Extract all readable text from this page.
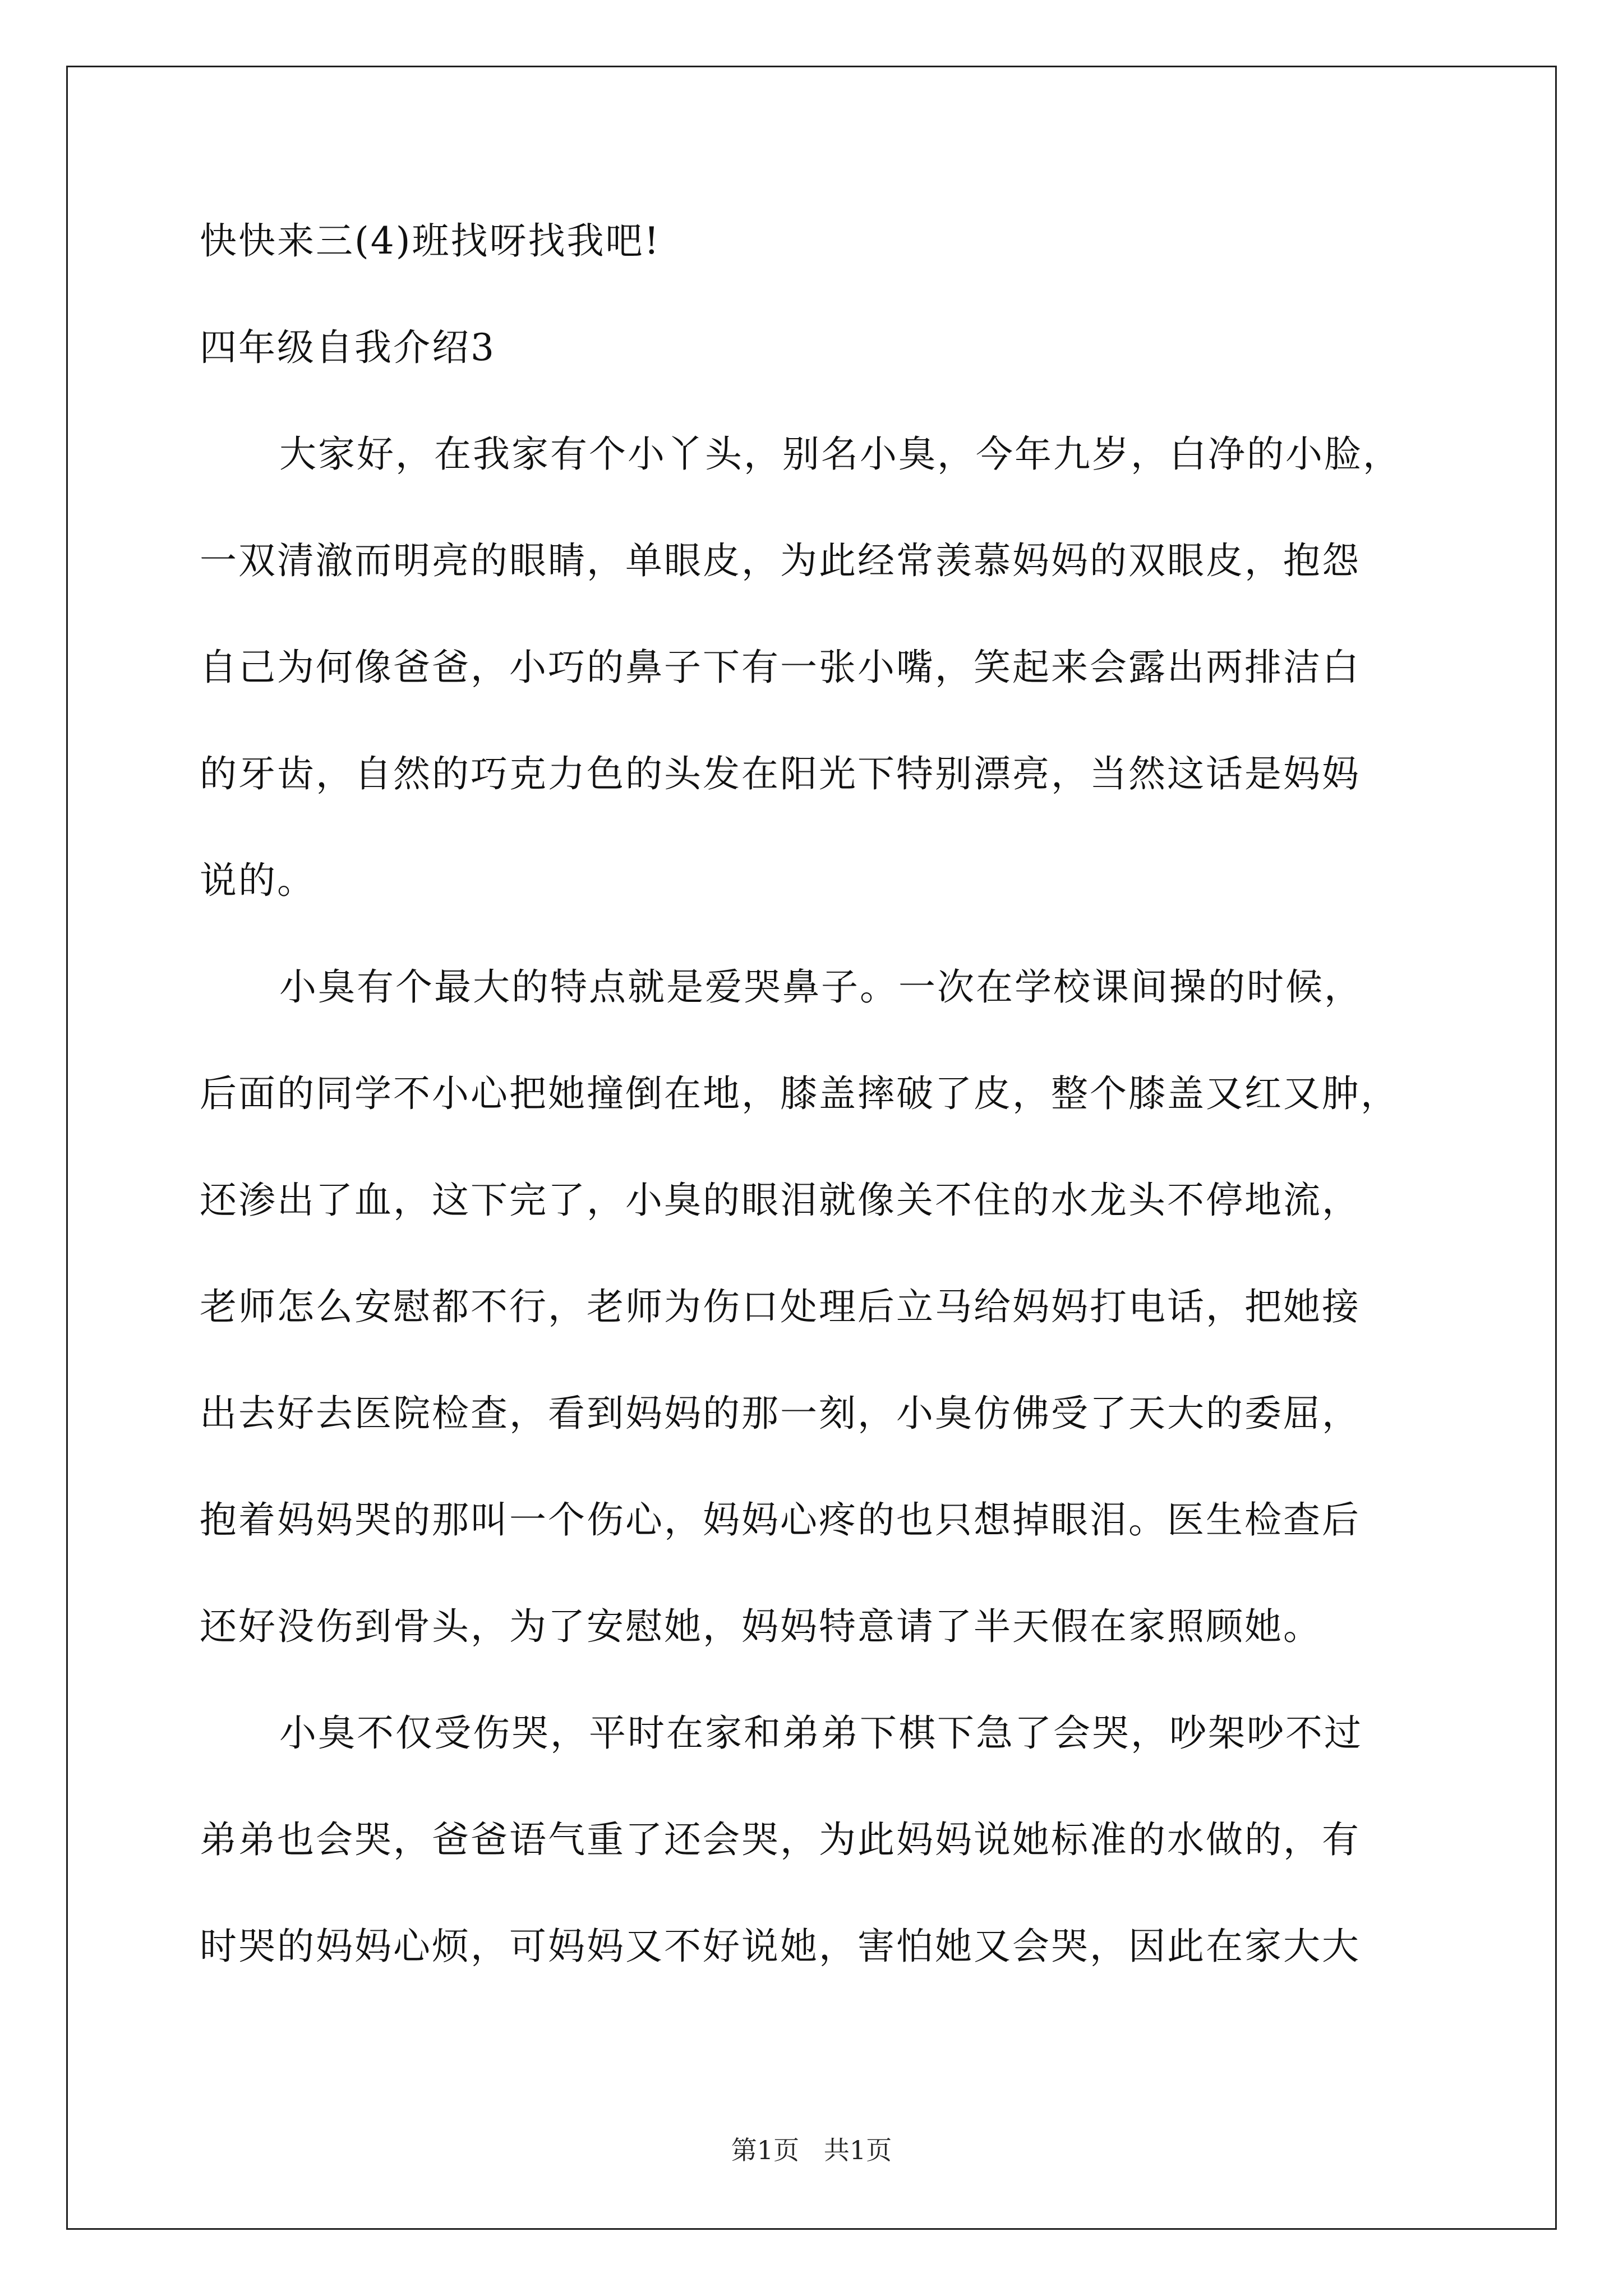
快快来三(4)班找呀找我吧!
四年级自我介绍3
大家好，在我家有个小丫头，别名小臭，今年九岁，白净的小脸，
一双清澈而明亮的眼睛，单眼皮，为此经常羡慕妈妈的双眼皮，抱怨
自己为何像爸爸，小巧的鼻子下有一张小嘴，笑起来会露出两排洁白
的牙齿，自然的巧克力色的头发在阳光下特别漂亮，当然这话是妈妈
说的。
小臭有个最大的特点就是爱哭鼻子。一次在学校课间操的时候，
后面的同学不小心把她撞倒在地，膝盖摔破了皮，整个膝盖又红又肿，
还渗出了血，这下完了，小臭的眼泪就像关不住的水龙头不停地流，
老师怎么安慰都不行，老师为伤口处理后立马给妈妈打电话，把她接
出去好去医院检查，看到妈妈的那一刻，小臭仿佛受了天大的委屈，
抱着妈妈哭的那叫一个伤心，妈妈心疼的也只想掉眼泪。医生检查后
还好没伤到骨头，为了安慰她，妈妈特意请了半天假在家照顾她。
小臭不仅受伤哭，平时在家和弟弟下棋下急了会哭，吵架吵不过
弟弟也会哭，爸爸语气重了还会哭，为此妈妈说她标准的水做的，有
时哭的妈妈心烦，可妈妈又不好说她，害怕她又会哭，因此在家大大
第1页   共1页
